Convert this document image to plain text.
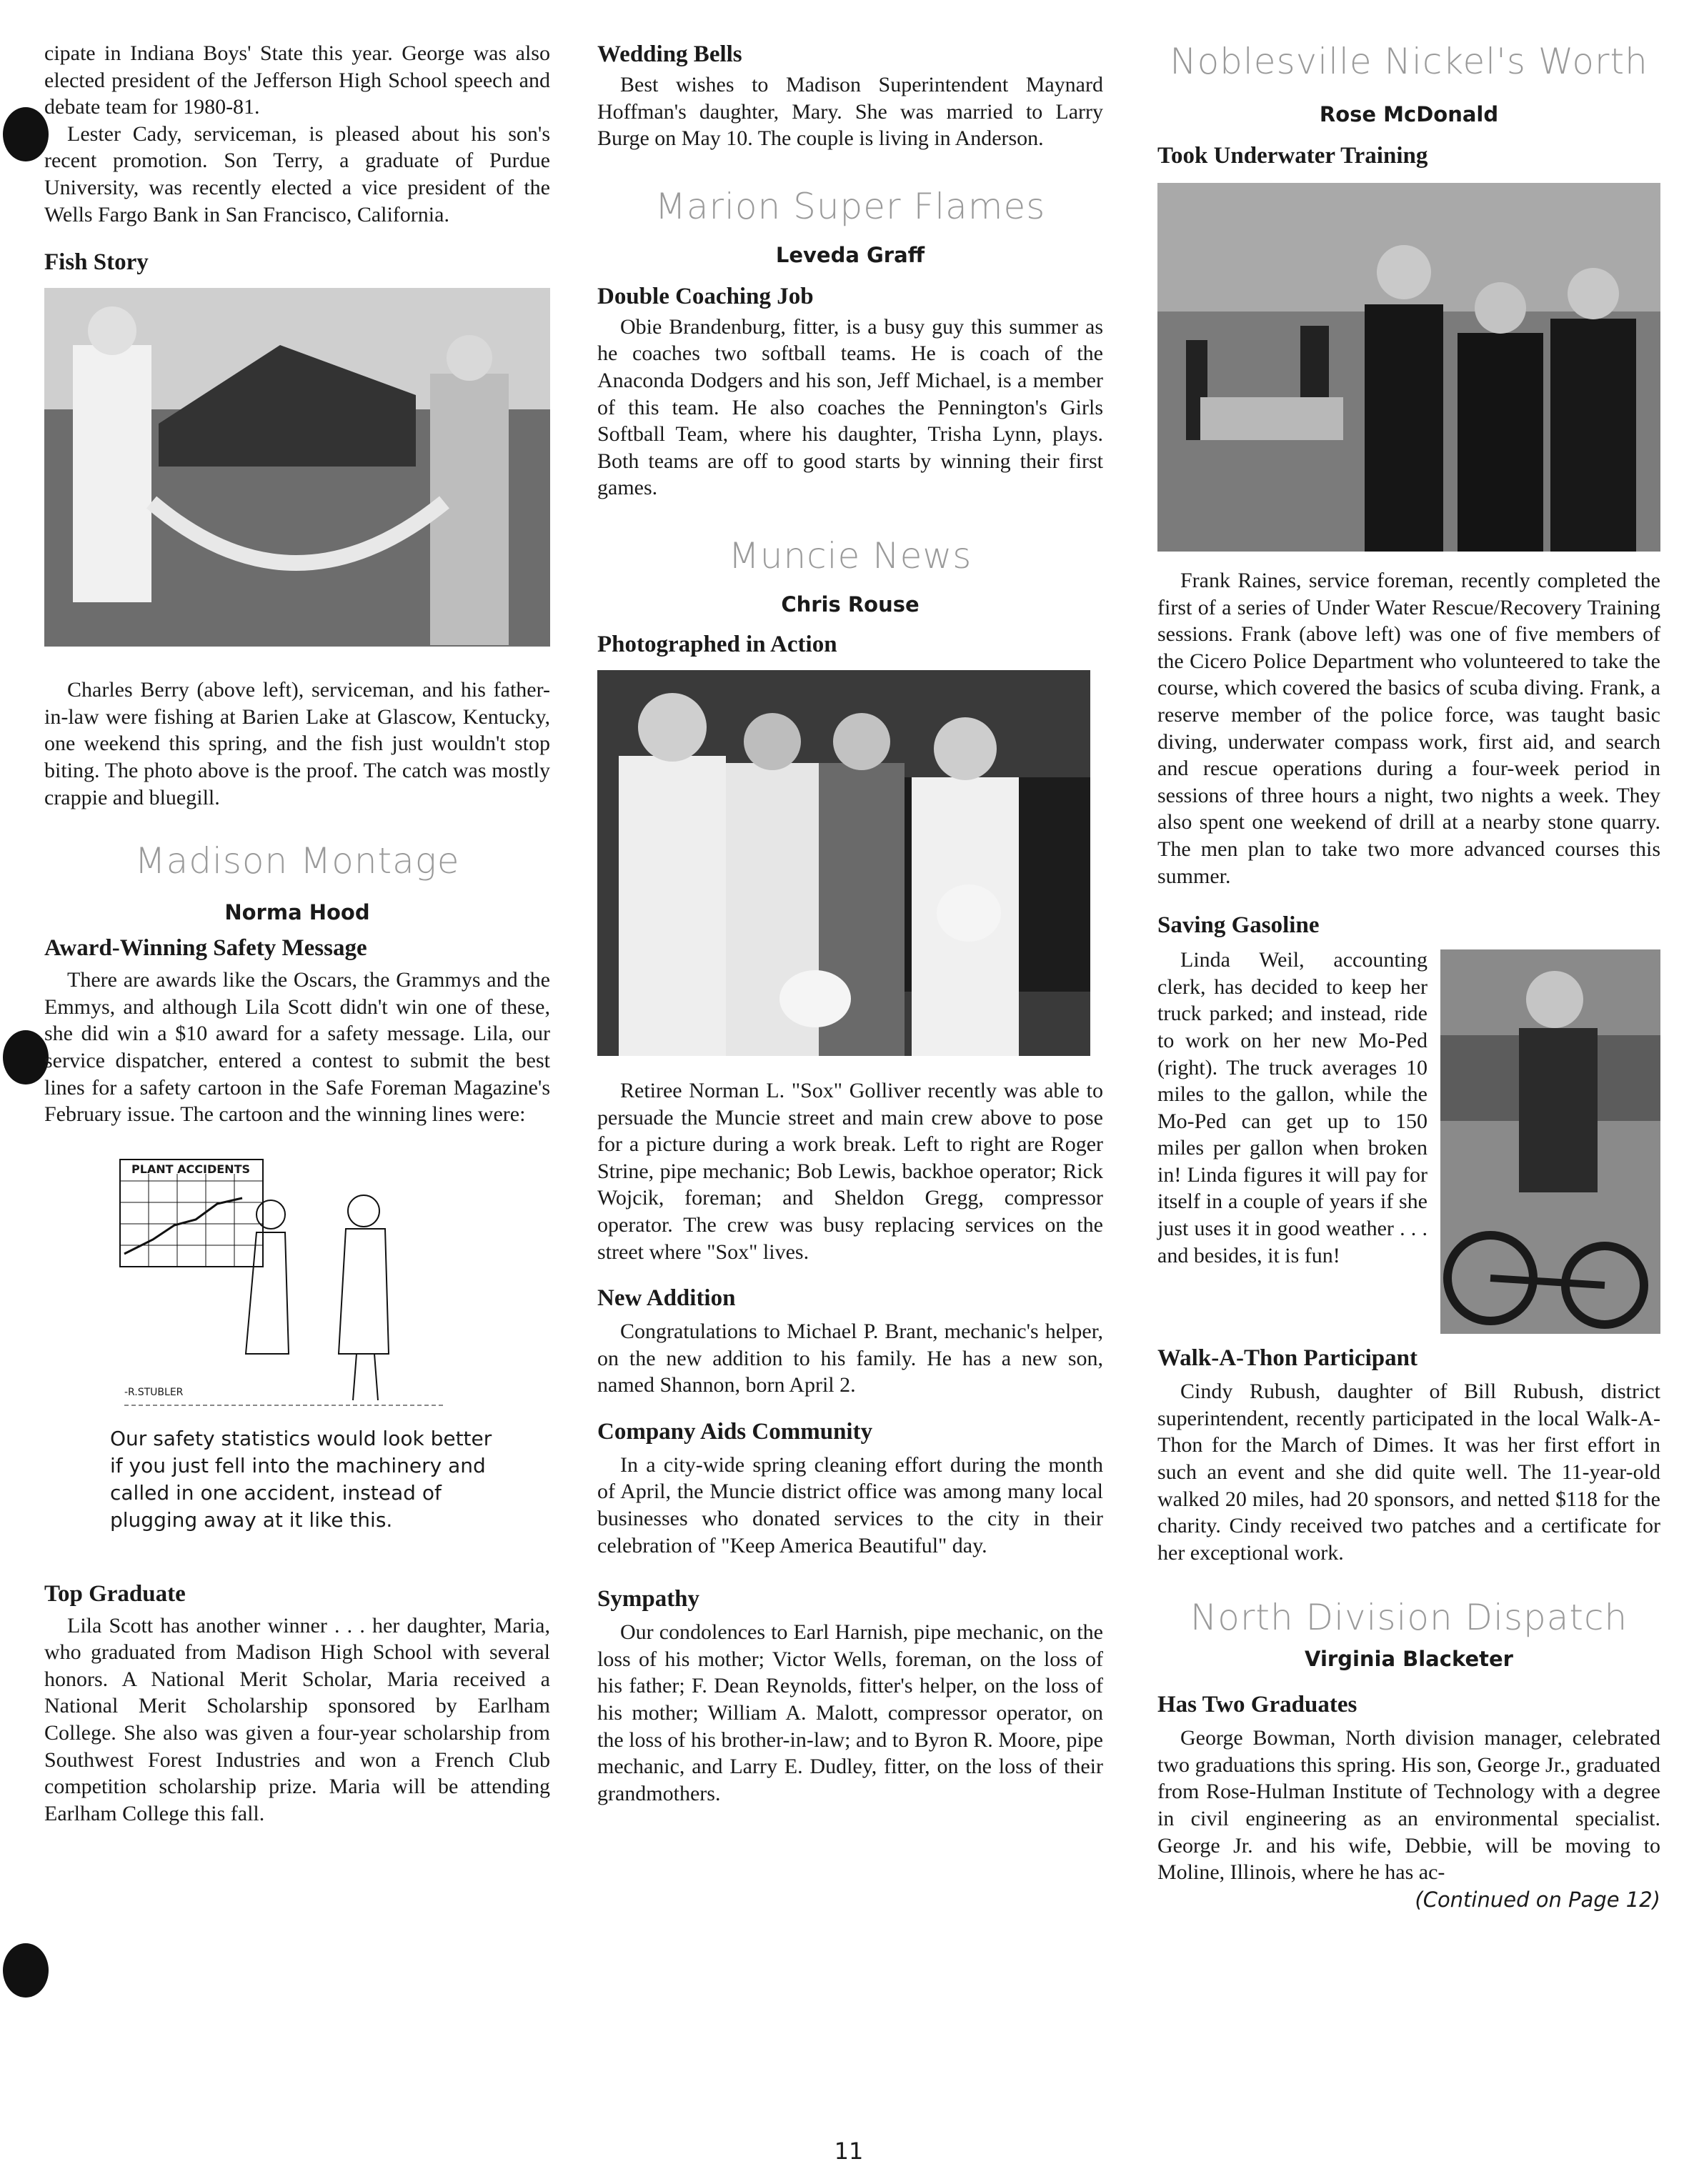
cipate in Indiana Boys' State this year. George was also elected president of the Jefferson High School speech and debate team for 1980-81.

Lester Cady, serviceman, is pleased about his son's recent promotion. Son Terry, a graduate of Purdue University, was recently elected a vice president of the Wells Fargo Bank in San Francisco, California.

Fish Story

Charles Berry (above left), serviceman, and his father-in-law were fishing at Barien Lake at Glascow, Kentucky, one weekend this spring, and the fish just wouldn't stop biting. The photo above is the proof. The catch was mostly crappie and bluegill.

Madison Montage

Norma Hood

Award-Winning Safety Message

There are awards like the Oscars, the Grammys and the Emmys, and although Lila Scott didn't win one of these, she did win a $10 award for a safety message. Lila, our service dispatcher, entered a contest to submit the best lines for a safety cartoon in the Safe Foreman Magazine's February issue. The cartoon and the winning lines were:

PLANT ACCIDENTS
-R.STUBLER

Our safety statistics would look better if you just fell into the machinery and called in one accident, instead of plugging away at it like this.

Top Graduate

Lila Scott has another winner . . . her daughter, Maria, who graduated from Madison High School with several honors. A National Merit Scholar, Maria received a National Merit Scholarship sponsored by Earlham College. She also was given a four-year scholarship from Southwest Forest Industries and won a French Club competition scholarship prize. Maria will be attending Earlham College this fall.

Wedding Bells

Best wishes to Madison Superintendent Maynard Hoffman's daughter, Mary. She was married to Larry Burge on May 10. The couple is living in Anderson.

Marion Super Flames

Leveda Graff

Double Coaching Job

Obie Brandenburg, fitter, is a busy guy this summer as he coaches two softball teams. He is coach of the Anaconda Dodgers and his son, Jeff Michael, is a member of this team. He also coaches the Pennington's Girls Softball Team, where his daughter, Trisha Lynn, plays. Both teams are off to good starts by winning their first games.

Muncie News

Chris Rouse

Photographed in Action

Retiree Norman L. "Sox" Golliver recently was able to persuade the Muncie street and main crew above to pose for a picture during a work break. Left to right are Roger Strine, pipe mechanic; Bob Lewis, backhoe operator; Rick Wojcik, foreman; and Sheldon Gregg, compressor operator. The crew was busy replacing services on the street where "Sox" lives.

New Addition

Congratulations to Michael P. Brant, mechanic's helper, on the new addition to his family. He has a new son, named Shannon, born April 2.

Company Aids Community

In a city-wide spring cleaning effort during the month of April, the Muncie district office was among many local businesses who donated services to the city in their celebration of "Keep America Beautiful" day.

Sympathy

Our condolences to Earl Harnish, pipe mechanic, on the loss of his mother; Victor Wells, foreman, on the loss of his father; F. Dean Reynolds, fitter's helper, on the loss of his mother; William A. Malott, compressor operator, on the loss of his brother-in-law; and to Byron R. Moore, pipe mechanic, and Larry E. Dudley, fitter, on the loss of their grandmothers.

Noblesville Nickel's Worth

Rose McDonald

Took Underwater Training

Frank Raines, service foreman, recently completed the first of a series of Under Water Rescue/Recovery Training sessions. Frank (above left) was one of five members of the Cicero Police Department who volunteered to take the course, which covered the basics of scuba diving. Frank, a reserve member of the police force, was taught basic diving, underwater compass work, first aid, and search and rescue operations during a four-week period in sessions of three hours a night, two nights a week. They also spent one weekend of drill at a nearby stone quarry. The men plan to take two more advanced courses this summer.

Saving Gasoline

Linda Weil, accounting clerk, has decided to keep her truck parked; and instead, ride to work on her new Mo-Ped (right). The truck averages 10 miles to the gallon, while the Mo-Ped can get up to 150 miles per gallon when broken in! Linda figures it will pay for itself in a couple of years if she just uses it in good weather . . . and besides, it is fun!

Walk-A-Thon Participant

Cindy Rubush, daughter of Bill Rubush, district superintendent, recently participated in the local Walk-A-Thon for the March of Dimes. It was her first effort in such an event and she did quite well. The 11-year-old walked 20 miles, had 20 sponsors, and netted $118 for the charity. Cindy received two patches and a certificate for her exceptional work.

North Division Dispatch

Virginia Blacketer

Has Two Graduates

George Bowman, North division manager, celebrated two graduations this spring. His son, George Jr., graduated from Rose-Hulman Institute of Technology with a degree in civil engineering as an environmental specialist. George Jr. and his wife, Debbie, will be moving to Moline, Illinois, where he has ac-

(Continued on Page 12)

11
